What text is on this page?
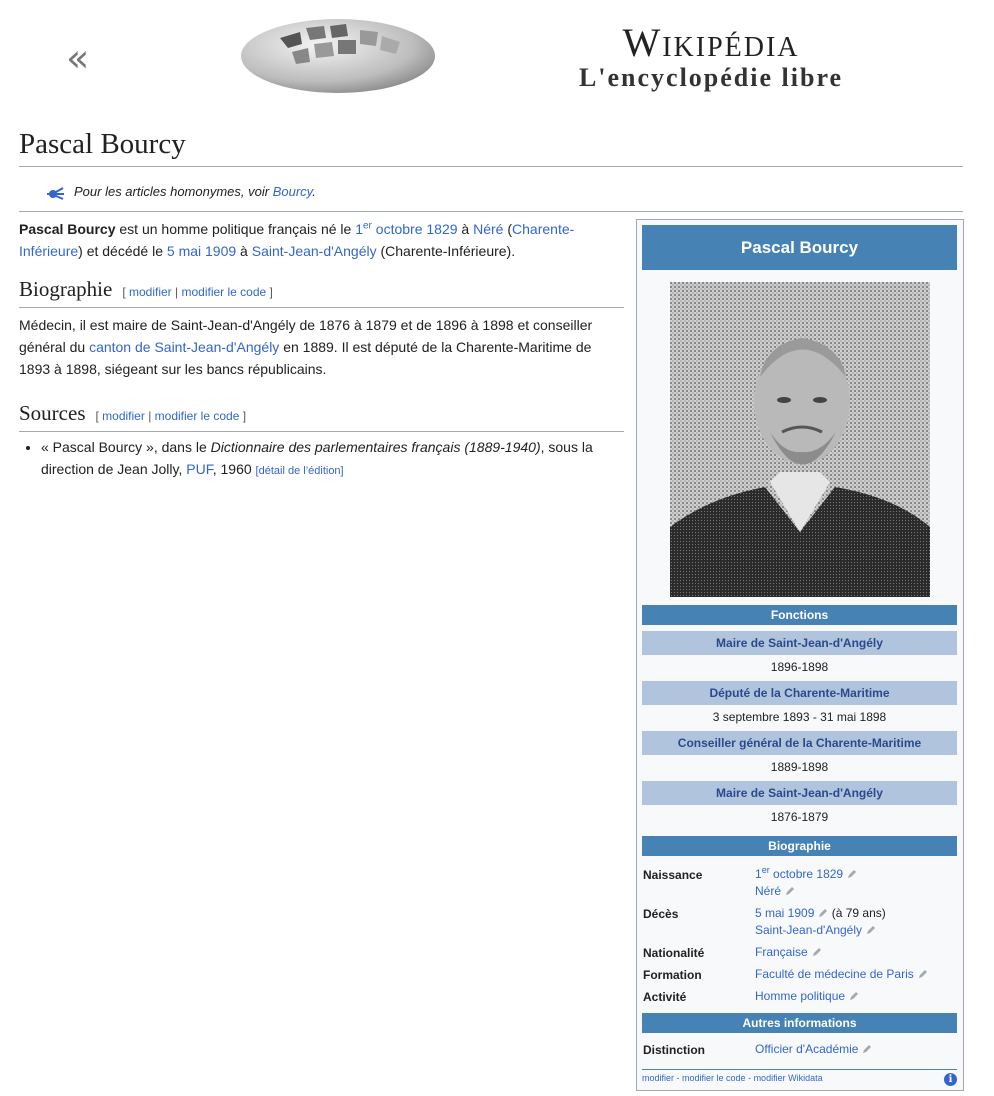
«	Wikipédia
L'encyclopédie libre
Pascal Bourcy
Pour les articles homonymes, voir Bourcy.

Pascal Bourcy est un homme politique français né le 1er octobre 1829 à Néré (Charente-Inférieure) et décédé le 5 mai 1909 à Saint-Jean-d'Angély (Charente-Inférieure).

Biographie [ modifier | modifier le code ]

Médecin, il est maire de Saint-Jean-d'Angély de 1876 à 1879 et de 1896 à 1898 et conseiller général du canton de Saint-Jean-d'Angély en 1889. Il est député de la Charente-Maritime de 1893 à 1898, siégeant sur les bancs républicains.

Sources [ modifier | modifier le code ]
• « Pascal Bourcy », dans le Dictionnaire des parlementaires français (1889-1940), sous la direction de Jean Jolly, PUF, 1960 [détail de l’édition]
Pascal Bourcy
Fonctions
Maire de Saint-Jean-d'Angély
1896-1898
Député de la Charente-Maritime
3 septembre 1893 - 31 mai 1898
Conseiller général de la Charente-Maritime
1889-1898
Maire de Saint-Jean-d'Angély
1876-1879
Biographie
Naissance	1er octobre 1829
Néré
Décès	5 mai 1909 (à 79 ans)
Saint-Jean-d'Angély
Nationalité	Française
Formation	Faculté de médecine de Paris
Activité	Homme politique
Autres informations
Distinction	Officier d'Académie
modifier - modifier le code - modifier Wikidata	i
